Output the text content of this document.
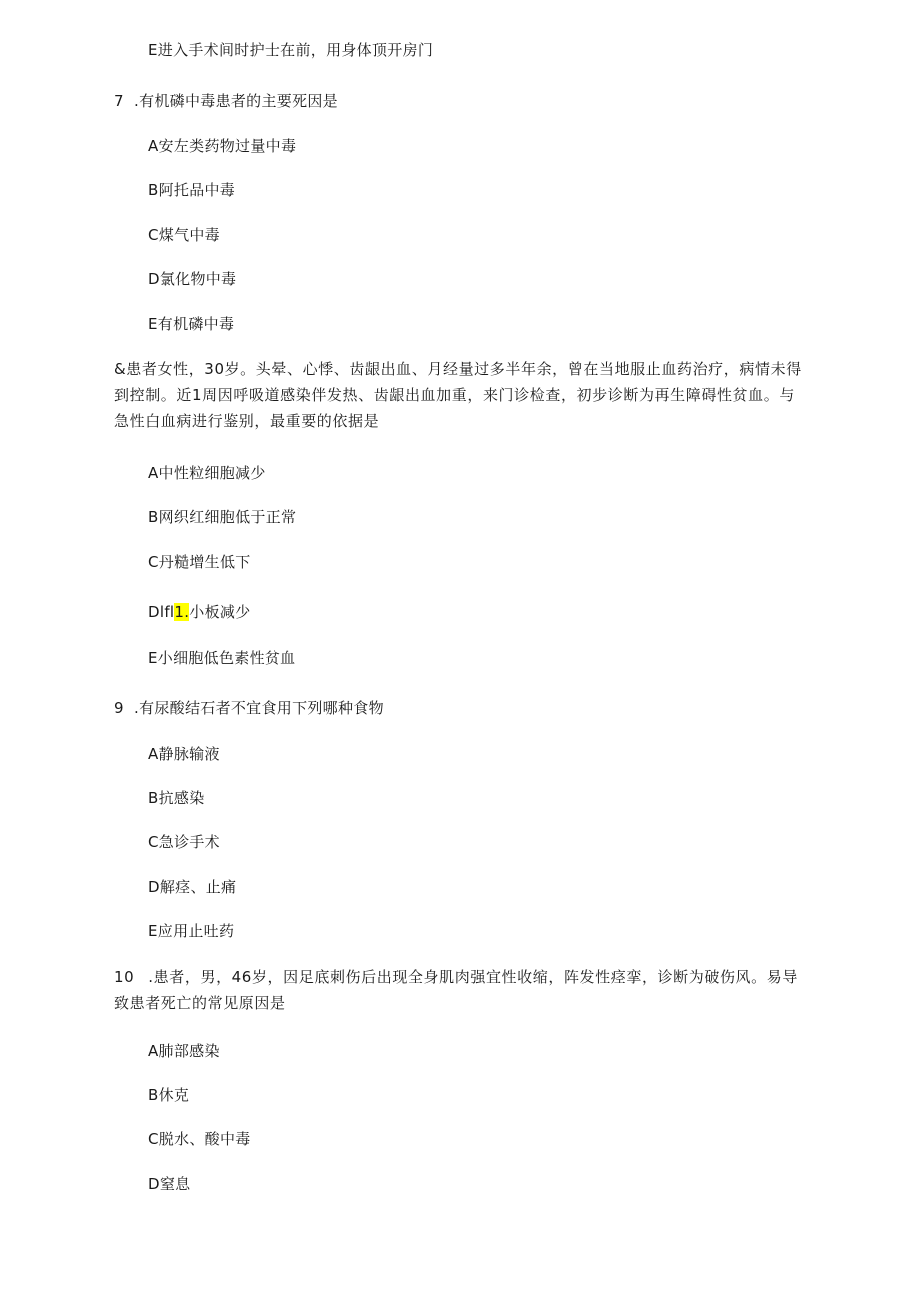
E进入手术间时护士在前，用身体顶开房门
7 .有机磷中毒患者的主要死因是
A安左类药物过量中毒
B阿托品中毒
C煤气中毒
D氯化物中毒
E有机磷中毒
&患者女性，30岁。头晕、心悸、齿龈出血、月经量过多半年余，曾在当地服止血药治疗，病情未得到控制。近1周因呼吸道感染伴发热、齿龈出血加重，来门诊检查，初步诊断为再生障碍性贫血。与急性白血病进行鉴别，最重要的依据是
A中性粒细胞减少
B网织红细胞低于正常
C丹糙增生低下
Dlfl1.小板减少
E小细胞低色素性贫血
9 .有尿酸结石者不宜食用下列哪种食物
A静脉输液
B抗感染
C急诊手术
D解痉、止痛
E应用止吐药
10 .患者，男，46岁，因足底刺伤后出现全身肌肉强宜性收缩，阵发性痉挛，诊断为破伤风。易导致患者死亡的常见原因是
A肺部感染
B休克
C脱水、酸中毒
D窒息
